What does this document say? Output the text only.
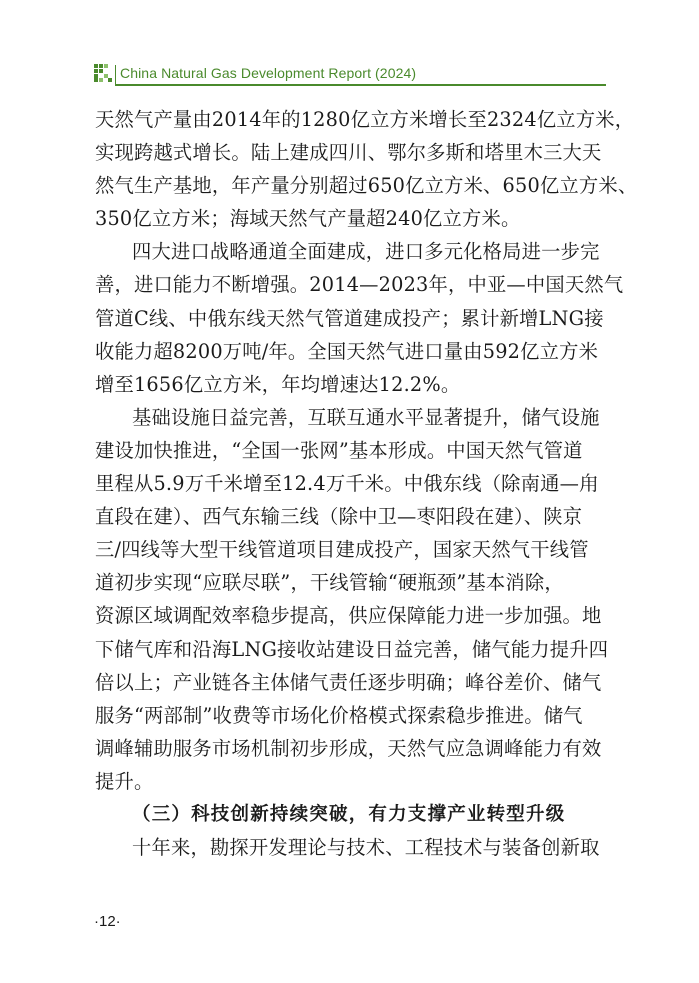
China Natural Gas Development Report (2024)
天然气产量由2014年的1280亿立方米增长至2324亿立方米，
实现跨越式增长。陆上建成四川、鄂尔多斯和塔里木三大天
然气生产基地，年产量分别超过650亿立方米、650亿立方米、
350亿立方米；海域天然气产量超240亿立方米。
四大进口战略通道全面建成，进口多元化格局进一步完
善，进口能力不断增强。2014—2023年，中亚—中国天然气
管道C线、中俄东线天然气管道建成投产；累计新增LNG接
收能力超8200万吨/年。全国天然气进口量由592亿立方米
增至1656亿立方米，年均增速达12.2%。
基础设施日益完善，互联互通水平显著提升，储气设施
建设加快推进，“全国一张网”基本形成。中国天然气管道
里程从5.9万千米增至12.4万千米。中俄东线（除南通—甪
直段在建）、西气东输三线（除中卫—枣阳段在建）、陕京
三/四线等大型干线管道项目建成投产，国家天然气干线管
道初步实现“应联尽联”，干线管输“硬瓶颈”基本消除，
资源区域调配效率稳步提高，供应保障能力进一步加强。地
下储气库和沿海LNG接收站建设日益完善，储气能力提升四
倍以上；产业链各主体储气责任逐步明确；峰谷差价、储气
服务“两部制”收费等市场化价格模式探索稳步推进。储气
调峰辅助服务市场机制初步形成，天然气应急调峰能力有效
提升。
（三）科技创新持续突破，有力支撑产业转型升级
十年来，勘探开发理论与技术、工程技术与装备创新取
·12·
